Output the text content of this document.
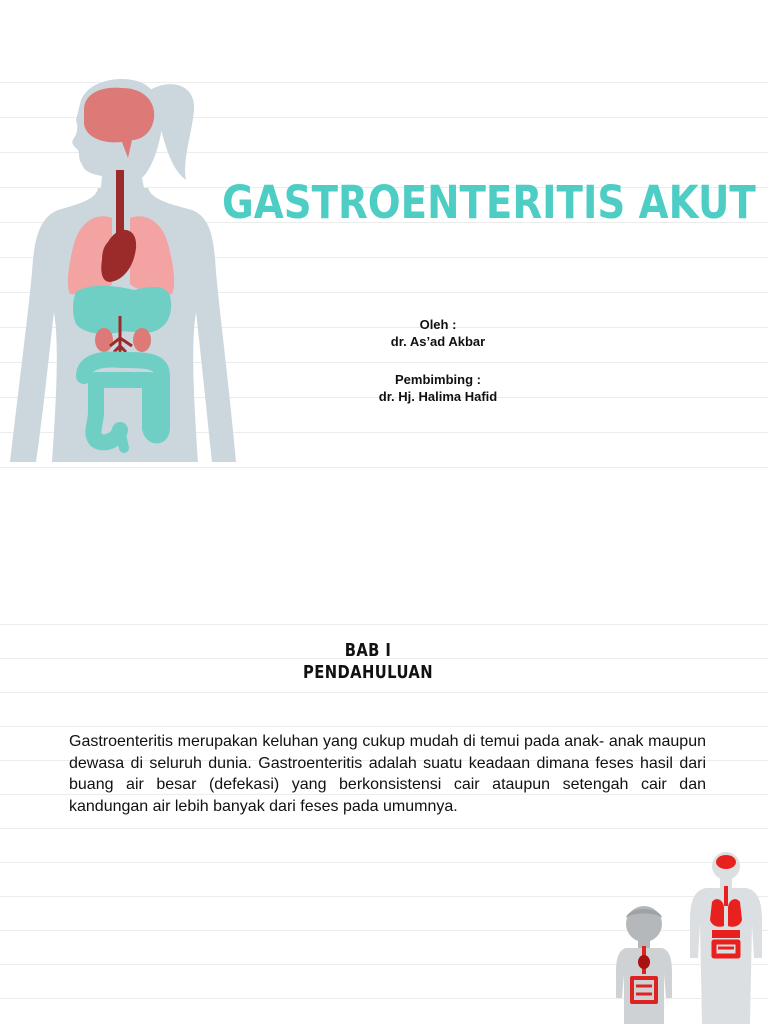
GASTROENTERITIS AKUT
Oleh :
dr. As’ad Akbar
Pembimbing :
dr. Hj. Halima Hafid
BAB I
PENDAHULUAN

Gastroenteritis merupakan keluhan yang cukup mudah di temui pada anak- anak maupun dewasa di seluruh dunia. Gastroenteritis adalah suatu keadaan dimana feses hasil dari buang air besar (defekasi) yang berkonsistensi cair ataupun setengah cair dan kandungan air lebih banyak dari feses pada umumnya.
